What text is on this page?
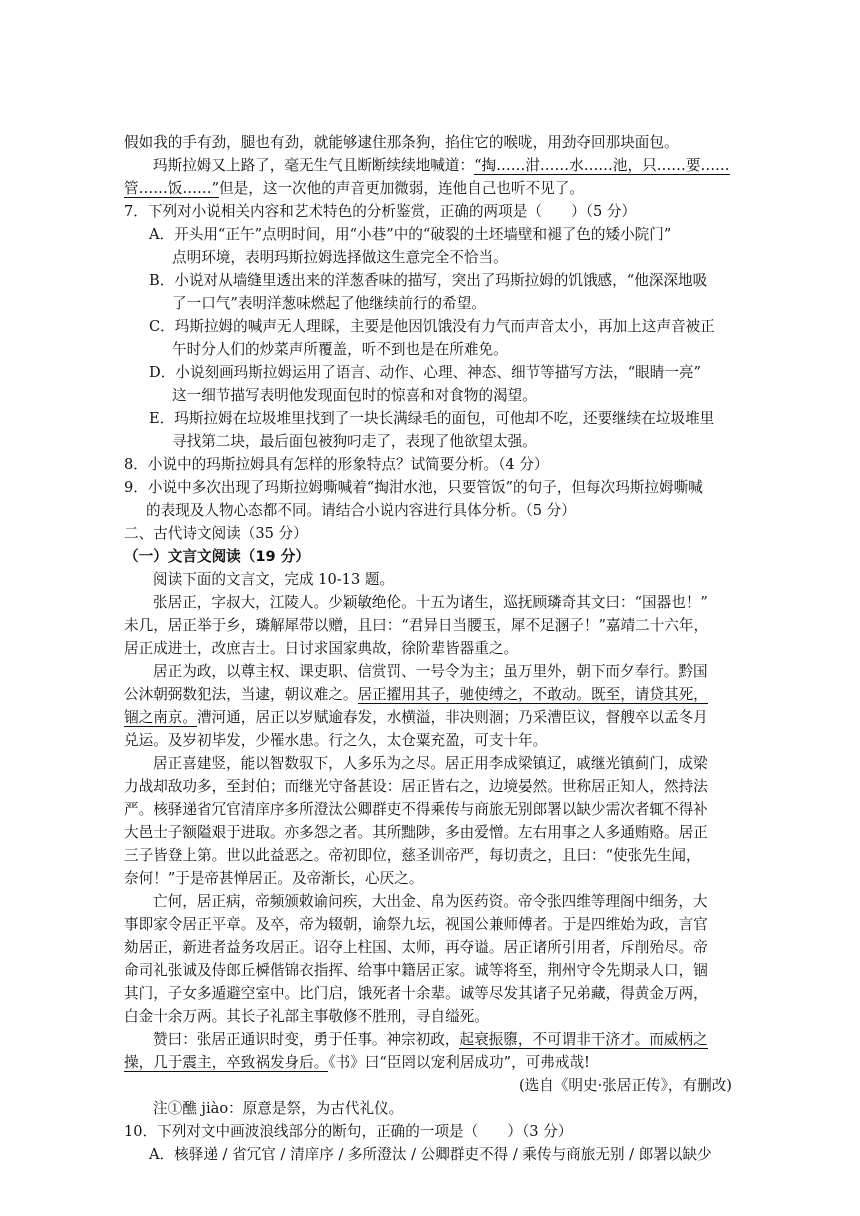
假如我的手有劲，腿也有劲，就能够逮住那条狗，掐住它的喉咙，用劲夺回那块面包。
玛斯拉姆又上路了，毫无生气且断断续续地喊道：“掏……泔……水……池，只……要……
管……饭……”但是，这一次他的声音更加微弱，连他自己也听不见了。
7．下列对小说相关内容和艺术特色的分析鉴赏，正确的两项是（　　）（5 分）
A．开头用“正午”点明时间，用“小巷”中的“破裂的土坯墙壁和褪了色的矮小院门”
点明环境，表明玛斯拉姆选择做这生意完全不恰当。
B．小说对从墙缝里透出来的洋葱香味的描写，突出了玛斯拉姆的饥饿感，“他深深地吸
了一口气”表明洋葱味燃起了他继续前行的希望。
C．玛斯拉姆的喊声无人理睬，主要是他因饥饿没有力气而声音太小，再加上这声音被正
午时分人们的炒菜声所覆盖，听不到也是在所难免。
D．小说刻画玛斯拉姆运用了语言、动作、心理、神态、细节等描写方法，“眼睛一亮”
这一细节描写表明他发现面包时的惊喜和对食物的渴望。
E．玛斯拉姆在垃圾堆里找到了一块长满绿毛的面包，可他却不吃，还要继续在垃圾堆里
寻找第二块，最后面包被狗叼走了，表现了他欲望太强。
8．小说中的玛斯拉姆具有怎样的形象特点？试简要分析。（4 分）
9．小说中多次出现了玛斯拉姆嘶喊着“掏泔水池，只要管饭”的句子，但每次玛斯拉姆嘶喊
的表现及人物心态都不同。请结合小说内容进行具体分析。（5 分）
二、古代诗文阅读（35 分）
（一）文言文阅读（19 分）
阅读下面的文言文，完成 10-13 题。
张居正，字叔大，江陵人。少颖敏绝伦。十五为诸生，巡抚顾璘奇其文曰：“国器也！”
未几，居正举于乡，璘解犀带以赠，且曰：“君异日当腰玉，犀不足溷子！”嘉靖二十六年，
居正成进士，改庶吉士。日讨求国家典故，徐阶辈皆器重之。
居正为政，以尊主权、课吏职、信赏罚、一号令为主；虽万里外，朝下而夕奉行。黔国
公沐朝弼数犯法，当逮，朝议难之。居正擢用其子，驰使缚之，不敢动。既至，请贷其死，
锢之南京。漕河通，居正以岁赋逾春发，水横溢，非决则涸；乃采漕臣议，督艘卒以孟冬月
兑运。及岁初毕发，少罹水患。行之久，太仓粟充盈，可支十年。
居正喜建竖，能以智数驭下，人多乐为之尽。居正用李成梁镇辽，戚继光镇蓟门，成梁
力战却敌功多，至封伯；而继光守备甚设：居正皆右之，边境晏然。世称居正知人，然持法
严。核驿递省冗官清庠序多所澄汰公卿群吏不得乘传与商旅无别郎署以缺少需次者辄不得补
大邑士子额隘艰于进取。亦多怨之者。其所黜陟，多由爱憎。左右用事之人多通贿赂。居正
三子皆登上第。世以此益恶之。帝初即位，慈圣训帝严，每切责之，且曰：“使张先生闻，
奈何！”于是帝甚惮居正。及帝渐长，心厌之。
亡何，居正病，帝频颁敕谕问疾，大出金、帛为医药资。帝令张四维等理阁中细务，大
事即家令居正平章。及卒，帝为辍朝，谕祭九坛，视国公兼师傅者。于是四维始为政，言官
劾居正，新进者益务攻居正。诏夺上柱国、太师，再夺谥。居正诸所引用者，斥削殆尽。帝
命司礼张诚及侍郎丘橓偕锦衣指挥、给事中籍居正家。诚等将至，荆州守令先期录人口，锢
其门，子女多遁避空室中。比门启，饿死者十余辈。诚等尽发其诸子兄弟藏，得黄金万两，
白金十余万两。其长子礼部主事敬修不胜刑，寻自缢死。
赞曰：张居正通识时变，勇于任事。神宗初政，起衰振隳，不可谓非干济才。而威柄之
操，几于震主，卒致祸发身后。《书》曰“臣罔以宠利居成功”，可弗戒哉!
(选自《明史·张居正传》，有删改)
注①醮 jiào：原意是祭，为古代礼仪。
10．下列对文中画波浪线部分的断句，正确的一项是（　　）（3 分）
A．核驿递 / 省冗官 / 清庠序 / 多所澄汰 / 公卿群吏不得 / 乘传与商旅无别 / 郎署以缺少
